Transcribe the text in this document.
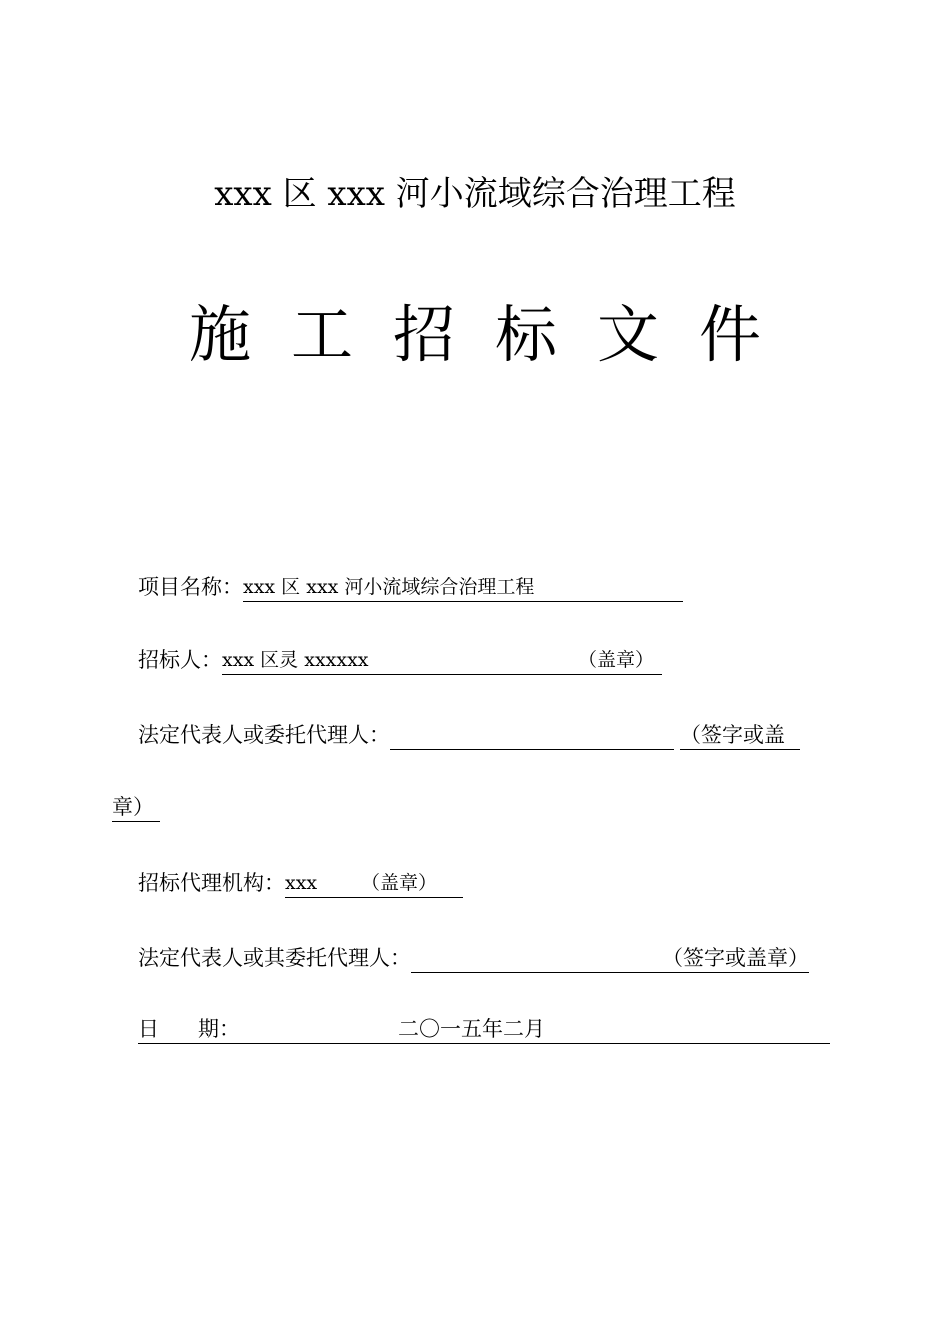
xxx 区 xxx 河小流域综合治理工程
施工招标文件
项目名称： xxx 区 xxx 河小流域综合治理工程
招标人： xxx 区灵 xxxxxx	（盖章）
法定代表人或委托代理人：	（签字或盖
章）
招标代理机构： xxx （盖章）
法定代表人或其委托代理人：	（签字或盖章）
日	期：	二〇一五年二月
